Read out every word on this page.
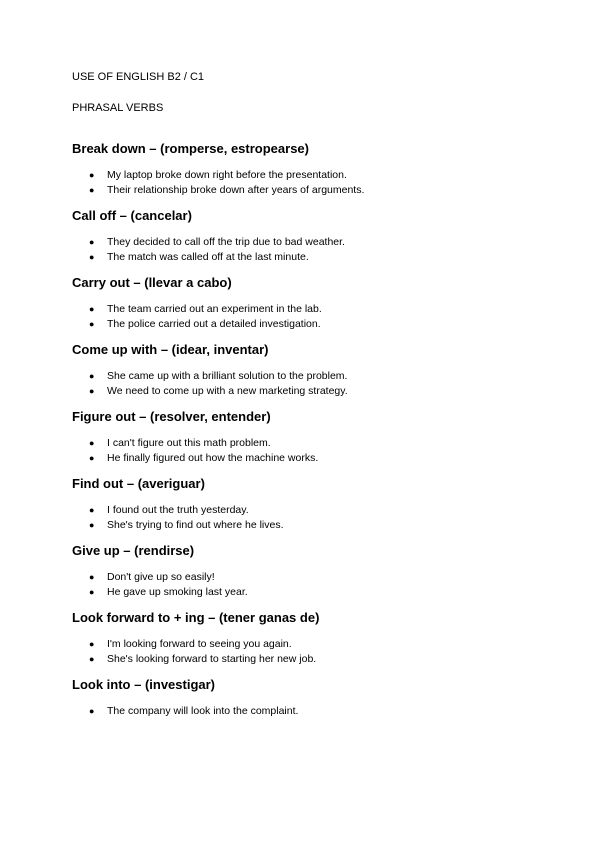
USE OF ENGLISH B2 / C1

PHRASAL VERBS

Break down – (romperse, estropearse)
● My laptop broke down right before the presentation.
● Their relationship broke down after years of arguments.
Call off – (cancelar)
● They decided to call off the trip due to bad weather.
● The match was called off at the last minute.
Carry out – (llevar a cabo)
● The team carried out an experiment in the lab.
● The police carried out a detailed investigation.
Come up with – (idear, inventar)
● She came up with a brilliant solution to the problem.
● We need to come up with a new marketing strategy.
Figure out – (resolver, entender)
● I can't figure out this math problem.
● He finally figured out how the machine works.
Find out – (averiguar)
● I found out the truth yesterday.
● She's trying to find out where he lives.
Give up – (rendirse)
● Don't give up so easily!
● He gave up smoking last year.
Look forward to + ing – (tener ganas de)
● I'm looking forward to seeing you again.
● She's looking forward to starting her new job.
Look into – (investigar)
● The company will look into the complaint.
